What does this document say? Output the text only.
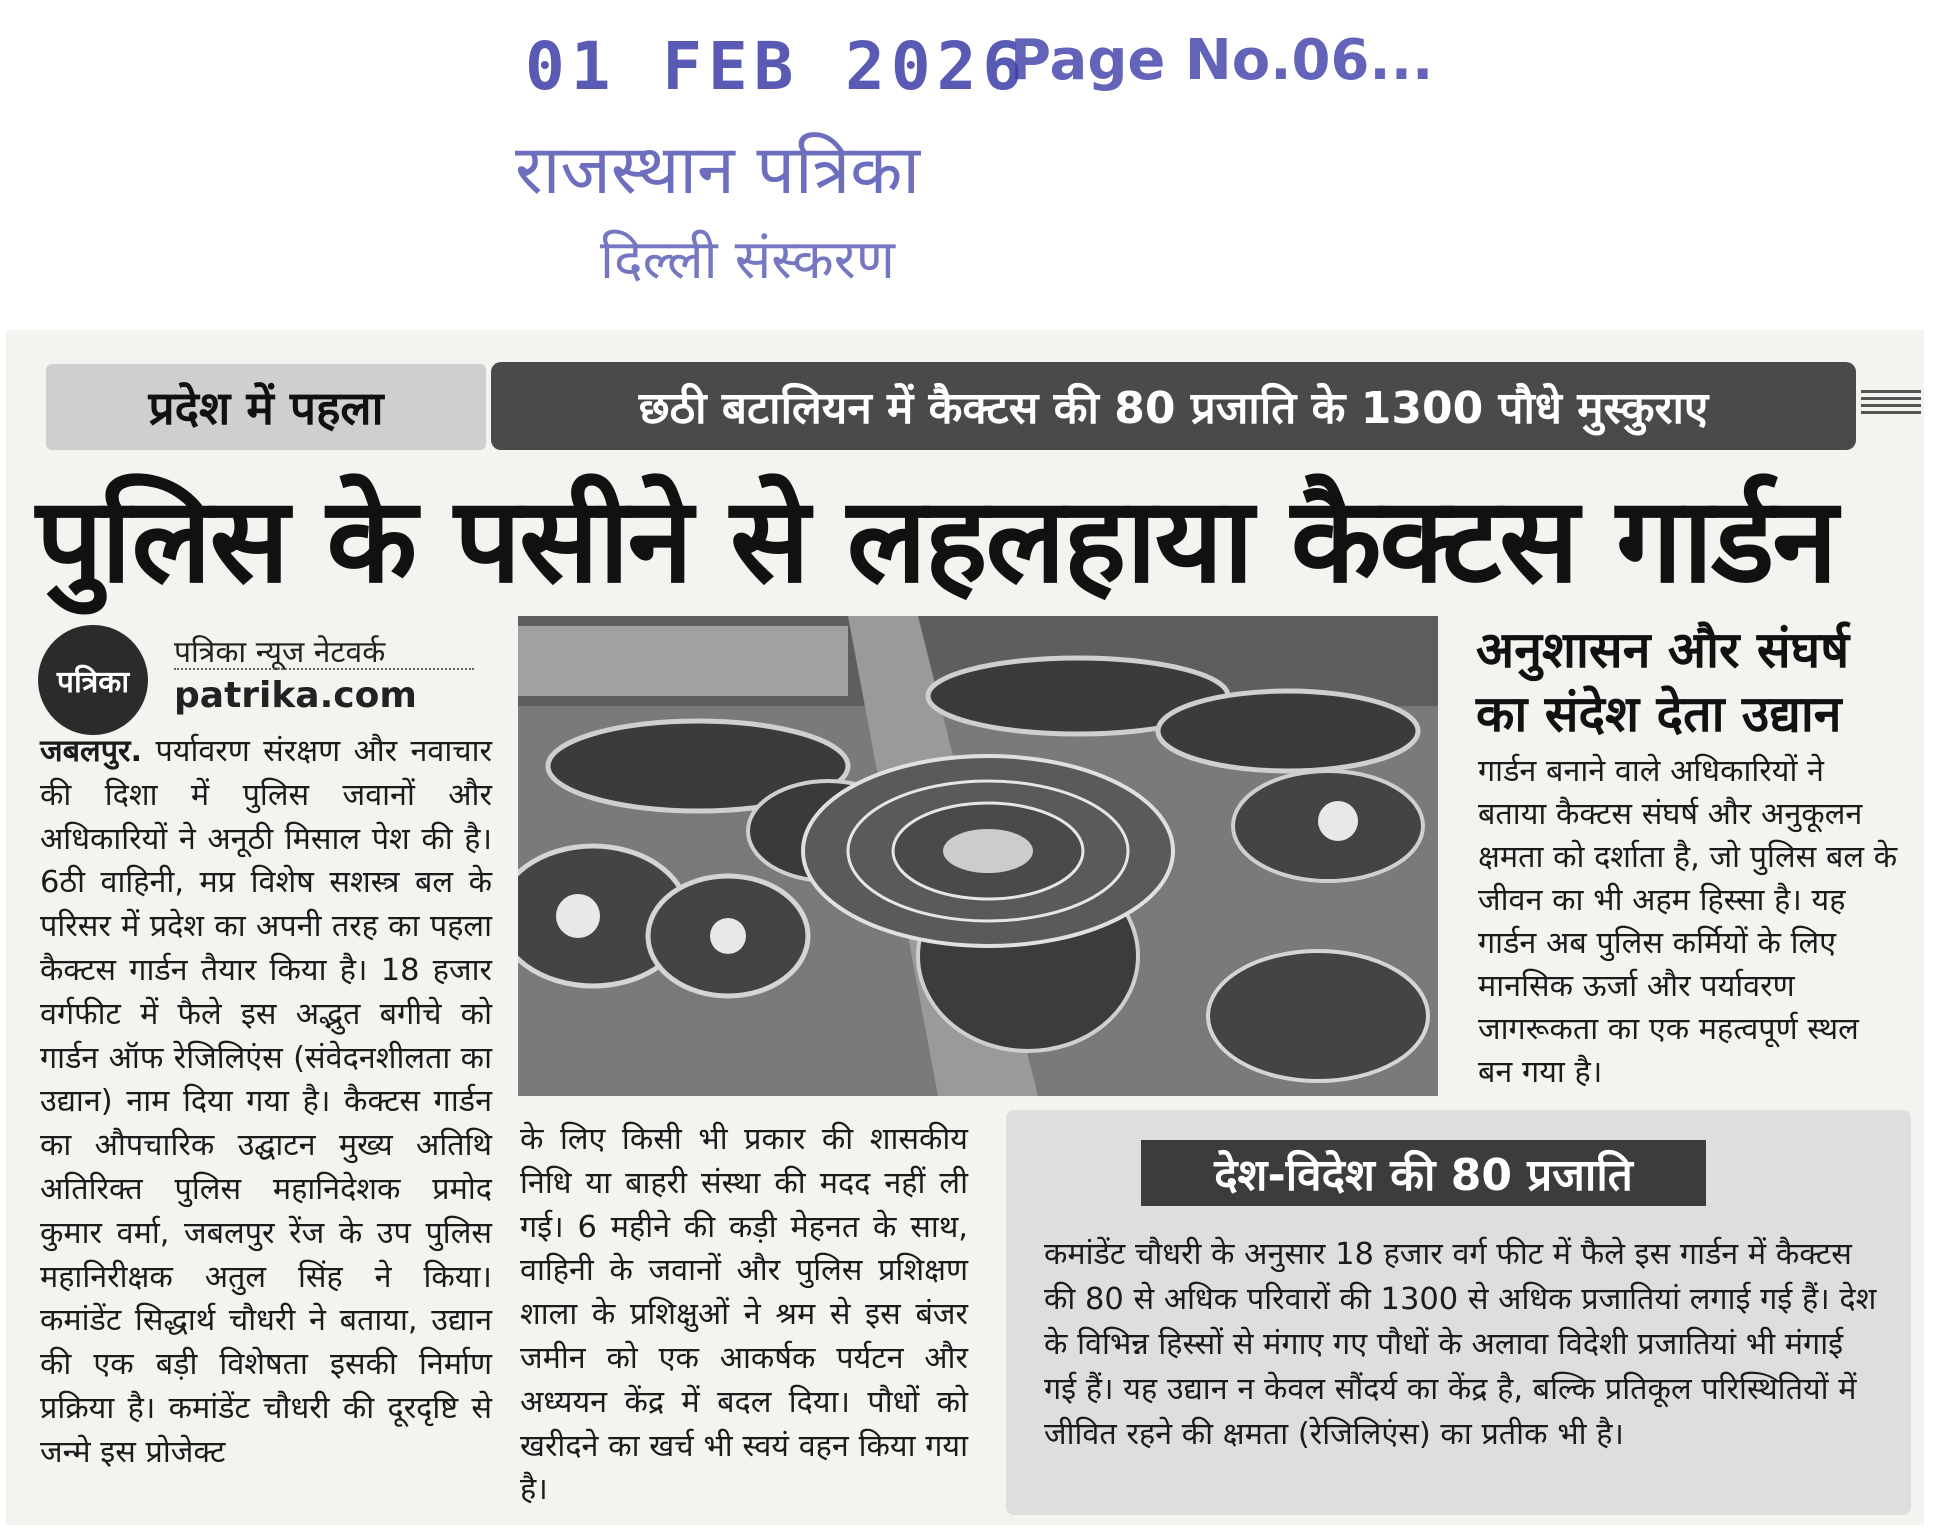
01 FEB 2026
Page No.06...
राजस्थान पत्रिका
दिल्ली संस्करण
प्रदेश में पहला	छठी बटालियन में कैक्टस की 80 प्रजाति के 1300 पौधे मुस्कुराए
पुलिस के पसीने से लहलहाया कैक्टस गार्डन
पत्रिका
पत्रिका न्यूज नेटवर्क
patrika.com
जबलपुर. पर्यावरण संरक्षण और नवाचार की दिशा में पुलिस जवानों और अधिकारियों ने अनूठी मिसाल पेश की है। 6ठी वाहिनी, मप्र विशेष सशस्त्र बल के परिसर में प्रदेश का अपनी तरह का पहला कैक्टस गार्डन तैयार किया है। 18 हजार वर्गफीट में फैले इस अद्भुत बगीचे को गार्डन ऑफ रेजिलिएंस (संवेदनशीलता का उद्यान) नाम दिया गया है। कैक्टस गार्डन का औपचारिक उद्घाटन मुख्य अतिथि अतिरिक्त पुलिस महानिदेशक प्रमोद कुमार वर्मा, जबलपुर रेंज के उप पुलिस महानिरीक्षक अतुल सिंह ने किया। कमांडेंट सिद्धार्थ चौधरी ने बताया, उद्यान की एक बड़ी विशेषता इसकी निर्माण प्रक्रिया है। कमांडेंट चौधरी की दूरदृष्टि से जन्मे इस प्रोजेक्ट
के लिए किसी भी प्रकार की शासकीय निधि या बाहरी संस्था की मदद नहीं ली गई। 6 महीने की कड़ी मेहनत के साथ, वाहिनी के जवानों और पुलिस प्रशिक्षण शाला के प्रशिक्षुओं ने श्रम से इस बंजर जमीन को एक आकर्षक पर्यटन और अध्ययन केंद्र में बदल दिया। पौधों को खरीदने का खर्च भी स्वयं वहन किया गया है।
अनुशासन और संघर्ष का संदेश देता उद्यान
गार्डन बनाने वाले अधिकारियों ने बताया कैक्टस संघर्ष और अनुकूलन क्षमता को दर्शाता है, जो पुलिस बल के जीवन का भी अहम हिस्सा है। यह गार्डन अब पुलिस कर्मियों के लिए मानसिक ऊर्जा और पर्यावरण जागरूकता का एक महत्वपूर्ण स्थल बन गया है।
देश-विदेश की 80 प्रजाति
कमांडेंट चौधरी के अनुसार 18 हजार वर्ग फीट में फैले इस गार्डन में कैक्टस की 80 से अधिक परिवारों की 1300 से अधिक प्रजातियां लगाई गई हैं। देश के विभिन्न हिस्सों से मंगाए गए पौधों के अलावा विदेशी प्रजातियां भी मंगाई गई हैं। यह उद्यान न केवल सौंदर्य का केंद्र है, बल्कि प्रतिकूल परिस्थितियों में जीवित रहने की क्षमता (रेजिलिएंस) का प्रतीक भी है।
